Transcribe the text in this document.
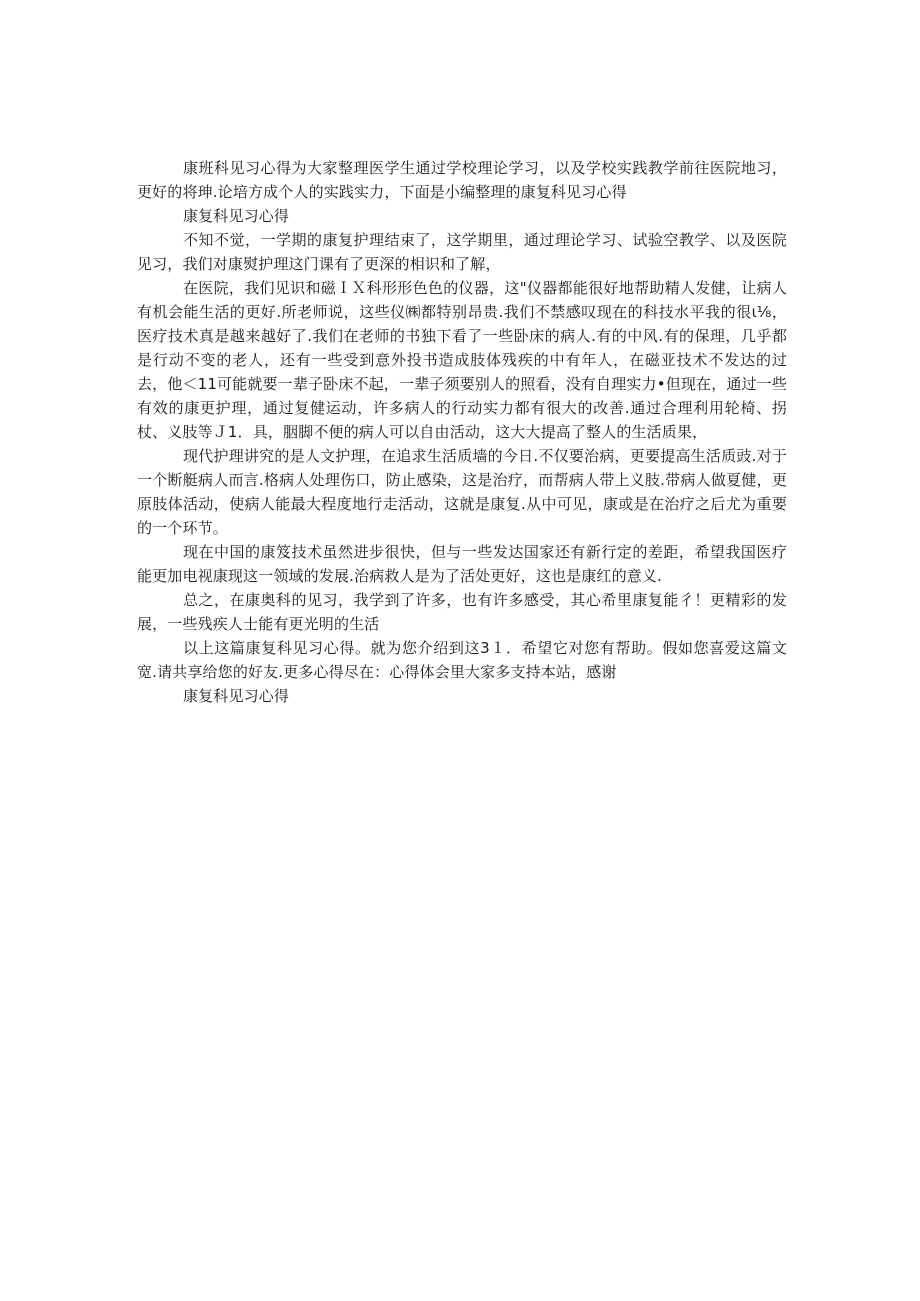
康班科见习心得为大家整理医学生通过学校理论学习，以及学校实践教学前往医院地习，更好的将珅.论培方成个人的实践实力，下面是小编整理的康复科见习心得

康复科见习心得

不知不觉，一学期的康复护理结束了，这学期里，通过理论学习、试验空教学、以及医院见习，我们对康熨护理这门课有了更深的相识和了解，

在医院，我们见识和磁ＩＸ科形形色色的仪器，这"仪器都能很好地帮助精人发健，让病人有机会能生活的更好.所老师说，这些仪㈱都特别昂贵.我们不禁感叹现在的科技水平我的很ι⅛，医疗技术真是越来越好了.我们在老师的书独下看了一些卧床的病人.有的中风.有的保理，几乎都是行动不变的老人，还有一些受到意外投书造成肢体残疾的中有年人，在磁亚技术不发达的过去，他＜11可能就要一辈子卧床不起，一辈子须要别人的照看，没有自理实力•但现在，通过一些有效的康更护理，通过复健运动，许多病人的行动实力都有很大的改善.通过合理利用轮椅、拐杖、义肢等Ｊ1．具，胭脚不便的病人可以自由活动，这大大提高了整人的生活质果，

现代护理讲究的是人文护理，在追求生活质墙的今日.不仅要治病，更要提高生活质豉.对于一个断艇病人而言.格病人处理伤口，防止感染，这是治疗，而帮病人带上义肢.带病人做夏健，更原肢体活动，使病人能最大程度地行走活动，这就是康复.从中可见，康或是在治疗之后尤为重要的一个环节。

现在中国的康笈技术虽然进步很快，但与一些发达国家还有新行定的差距，希望我国医疗能更加电视康现这一领域的发展.治病救人是为了活处更好，这也是康红的意义.

总之，在康奥科的见习，我学到了许多，也有许多感受，其心希里康复能彳！更精彩的发展，一些残疾人士能有更光明的生活

以上这篇康复科见习心得。就为您介绍到这3１．希望它对您有帮助。假如您喜爱这篇文宽.请共享给您的好友.更多心得尽在：心得体会里大家多支持本站，感谢

康复科见习心得
